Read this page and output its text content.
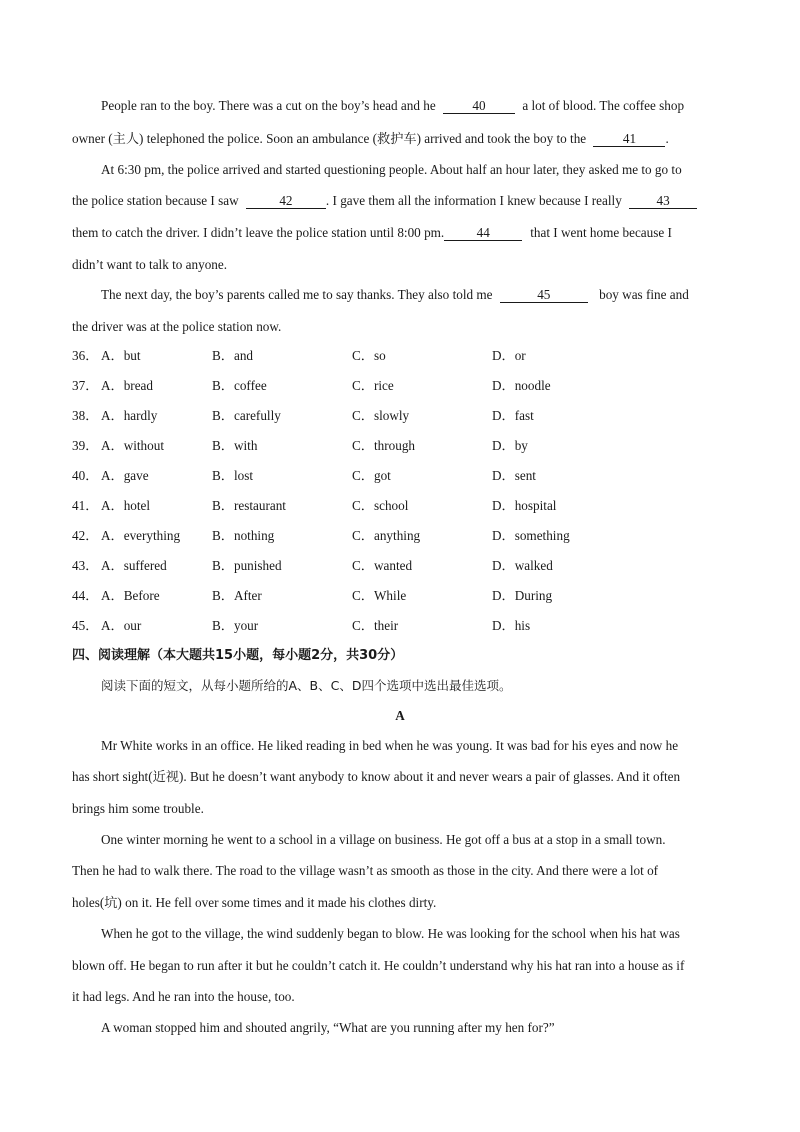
People ran to the boy. There was a cut on the boy’s head and he	40	a lot of blood. The coffee shop
owner (主人) telephoned the police. Soon an ambulance (救护车) arrived and took the boy to the	41 .
At 6:30 pm, the police arrived and started questioning people. About half an hour later, they asked me to go to
the police station because I saw	42	. I gave them all the information I knew because I really	43
them to catch the driver. I didn’t leave the police station until 8:00 pm. 44	that I went home because I
didn’t want to talk to anyone.
The next day, the boy’s parents called me to say thanks. They also told me	45	boy was fine and
the driver was at the police station now.
36． A．but	B．and	C．so	D．or
37． A．bread	B．coffee	C．rice	D．noodle
38． A．hardly	B．carefully	C．slowly	D．fast
39． A．without	B．with	C．through	D．by
40． A．gave	B．lost	C．got	D．sent
41． A．hotel	B．restaurant	C．school	D．hospital
42． A．everything B．nothing	C．anything	D．something
43． A．suffered	B．punished	C．wanted	D．walked
44． A．Before	B．After	C．While	D．During
45． A．our	B．your	C．their	D．his
四、阅读理解（本大题共15小题，每小题2分，共30分）
阅读下面的短文，从每小题所给的A、B、C、D四个选项中选出最佳选项。
A
Mr White works in an office. He liked reading in bed when he was young. It was bad for his eyes and now he
has short sight(近视). But he doesn’t want anybody to know about it and never wears a pair of glasses. And it often
brings him some trouble.
One winter morning he went to a school in a village on business. He got off a bus at a stop in a small town.
Then he had to walk there. The road to the village wasn’t as smooth as those in the city. And there were a lot of
holes(坑) on it. He fell over some times and it made his clothes dirty.
When he got to the village, the wind suddenly began to blow. He was looking for the school when his hat was
blown off. He began to run after it but he couldn’t catch it. He couldn’t understand why his hat ran into a house as if
it had legs. And he ran into the house, too.
A woman stopped him and shouted angrily, “What are you running after my hen for?”
